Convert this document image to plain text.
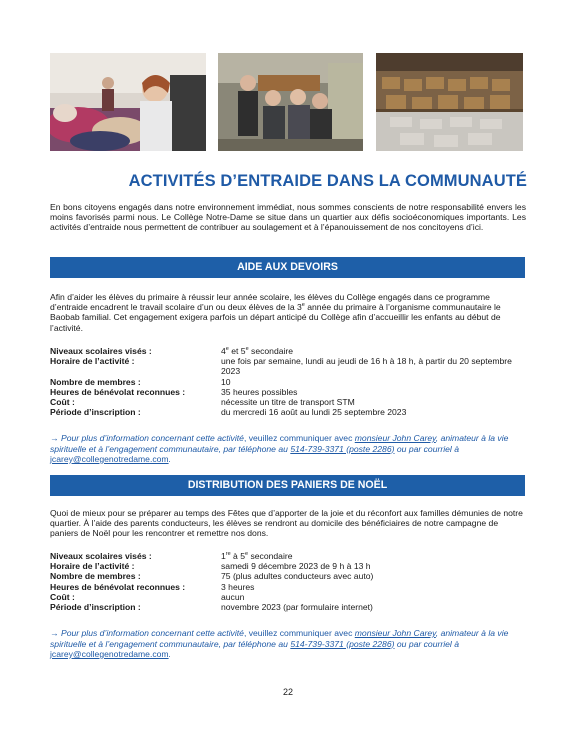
ACTIVITÉS D’ENTRAIDE DANS LA COMMUNAUTÉ
En bons citoyens engagés dans notre environnement immédiat, nous sommes conscients de notre responsabilité envers les moins favorisés parmi nous. Le Collège Notre-Dame se situe dans un quartier aux défis socioéconomiques importants. Les activités d’entraide nous permettent de contribuer au soulagement et à l’épanouissement de nos concitoyens d’ici.
AIDE AUX DEVOIRS
Afin d’aider les élèves du primaire à réussir leur année scolaire, les élèves du Collège engagés dans ce programme d’entraide encadrent le travail scolaire d’un ou deux élèves de la 3e année du primaire à l’organisme communautaire le Baobab familial. Cet engagement exigera parfois un départ anticipé du Collège afin d’accueillir les enfants au début de l’activité.
Niveaux scolaires visés :	4e et 5e secondaire
Horaire de l’activité :	une fois par semaine, lundi au jeudi de 16 h à 18 h, à partir du 20 septembre 2023
Nombre de membres :	10
Heures de bénévolat reconnues :	35 heures possibles
Coût :	nécessite un titre de transport STM
Période d’inscription :	du mercredi 16 août au lundi 25 septembre 2023
→ Pour plus d’information concernant cette activité, veuillez communiquer avec monsieur John Carey, animateur à la vie spirituelle et à l’engagement communautaire, par téléphone au 514-739-3371 (poste 2286) ou par courriel à jcarey@collegenotredame.com.
DISTRIBUTION DES PANIERS DE NOËL
Quoi de mieux pour se préparer au temps des Fêtes que d’apporter de la joie et du réconfort aux familles démunies de notre quartier. À l’aide des parents conducteurs, les élèves se rendront au domicile des bénéficiaires de notre campagne de paniers de Noël pour les rencontrer et remettre nos dons.
Niveaux scolaires visés :	1re à 5e secondaire
Horaire de l’activité :	samedi 9 décembre 2023 de 9 h à 13 h
Nombre de membres :	75 (plus adultes conducteurs avec auto)
Heures de bénévolat reconnues :	3 heures
Coût :	aucun
Période d’inscription :	novembre 2023 (par formulaire internet)
→ Pour plus d’information concernant cette activité, veuillez communiquer avec monsieur John Carey, animateur à la vie spirituelle et à l’engagement communautaire, par téléphone au 514-739-3371 (poste 2286) ou par courriel à jcarey@collegenotredame.com.
22
